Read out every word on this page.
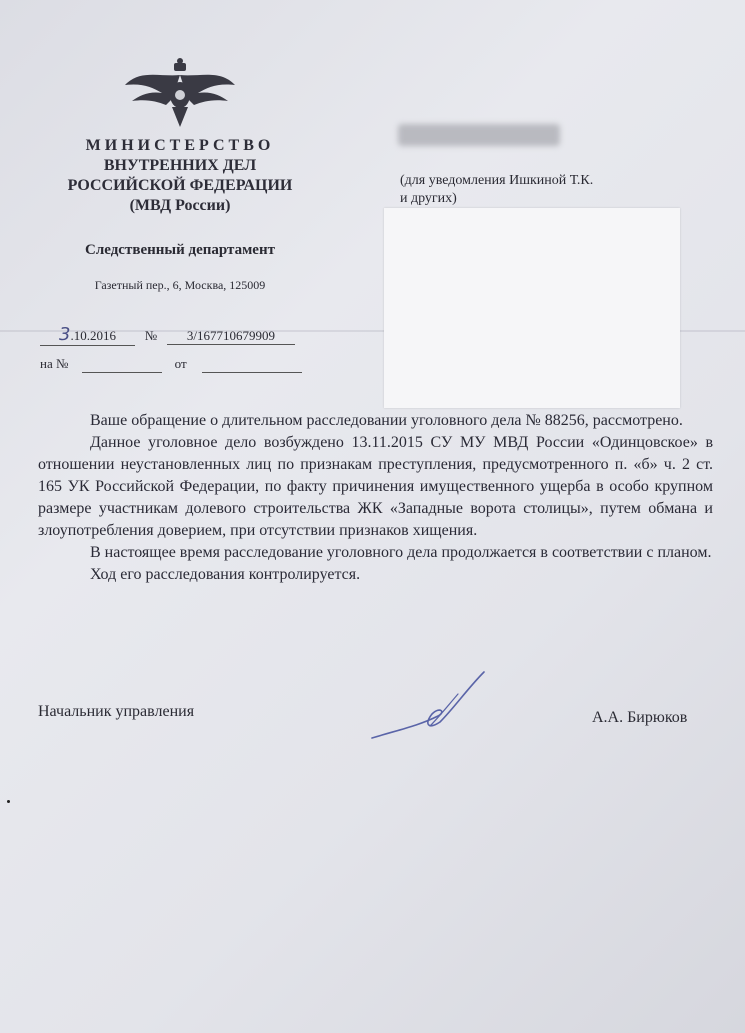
МИНИСТЕРСТВО
ВНУТРЕННИХ ДЕЛ
РОССИЙСКОЙ ФЕДЕРАЦИИ
(МВД России)
Следственный департамент
Газетный пер., 6, Москва, 125009
3.10.2016 № 3/167710679909
на №	от
(для уведомления Ишкиной Т.К.
и других)

Ваше обращение о длительном расследовании уголовного дела № 88256, рассмотрено.

Данное уголовное дело возбуждено 13.11.2015 СУ МУ МВД России «Одинцовское» в отношении неустановленных лиц по признакам преступления, предусмотренного п. «б» ч. 2 ст. 165 УК Российской Федерации, по факту причинения имущественного ущерба в особо крупном размере участникам долевого строительства ЖК «Западные ворота столицы», путем обмана и злоупотребления доверием, при отсутствии признаков хищения.

В настоящее время расследование уголовного дела продолжается в соответствии с планом.

Ход его расследования контролируется.

Начальник управления	А.А. Бирюков
